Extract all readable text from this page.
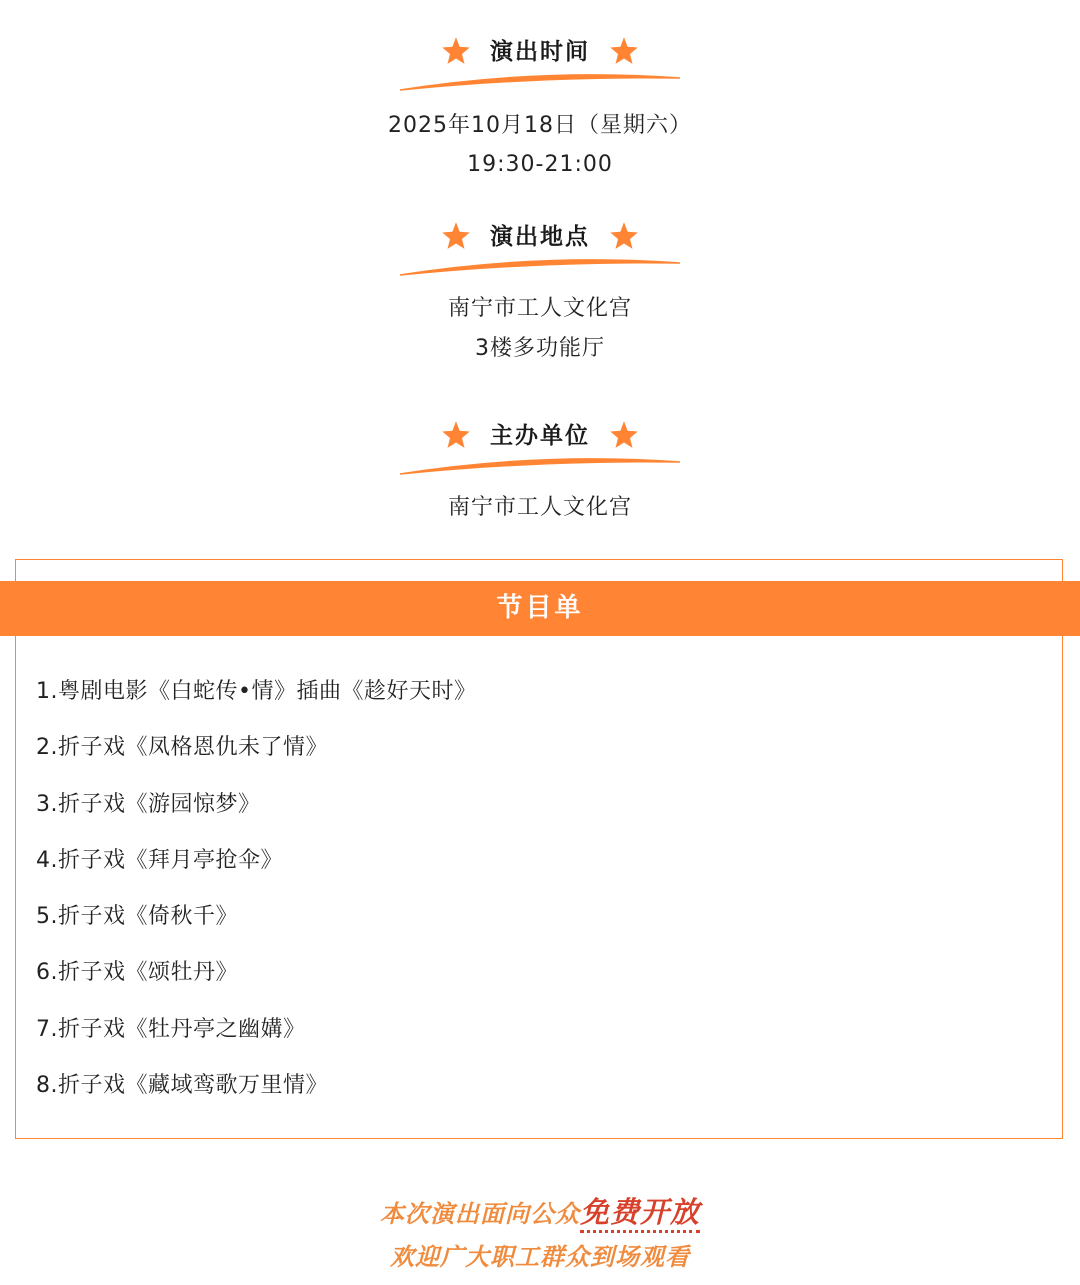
演出时间
2025年10月18日（星期六）
19:30-21:00
演出地点
南宁市工人文化宫
3楼多功能厅
主办单位
南宁市工人文化宫
节目单
1.粤剧电影《白蛇传•情》插曲《趁好天时》
2.折子戏《凤格恩仇未了情》
3.折子戏《游园惊梦》
4.折子戏《拜月亭抢伞》
5.折子戏《倚秋千》
6.折子戏《颂牡丹》
7.折子戏《牡丹亭之幽媾》
8.折子戏《藏域鸾歌万里情》
本次演出面向公众免费开放
欢迎广大职工群众到场观看
